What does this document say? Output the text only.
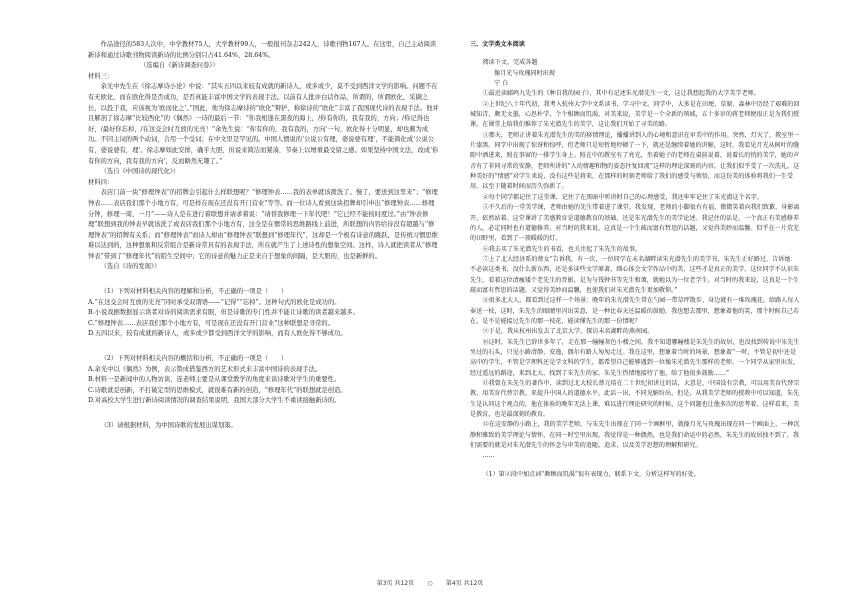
作品途径的583人次中，中学教材75人，大学教材99人，一般报刊杂志242人，诗歌刊物167人。在这里，自己主动阅读新诗和通过诗歌刊物阅读新诗的比例分别只占41.64%、28.64%。

（选编自《新诗调查问卷》）

材料三：

余光中先生在《徐志摩诗小论》中说：“其实五四以来较有成就的新诗人，或多或少，莫不受到西洋文学的影响。问题不在有无欧化，而在欧化得是否成功，是否真能丰富中国文学的表现手法。以前有人批评白话作品，所谓的，所谓欧化，采撷之长，以投于我，应该视为‘欧而化之’。”国此，他为徐志摩诗的“欧化”辩护，称徐诗的“欧化”丰富了我国现代诗的表现手法。他并且解剖了徐志摩“比较西化”的《偶然》一诗的最后一节：“你我相逢在黑夜的海上，/你有你的，我有我的，方向；/你记得也好，/最好你忘掉，/在这交会时互放的光亮！”余先生说：“你有你的，我有我的，方向’一句，欧化得十分明显，却也颇为成功。不同主词的两个动词，合用一个受词；在中文里是罕见的。中国人惯说的‘公说公有理，婆说婆有理’，不能简化成‘公说公有，婆说婆有，理’。徐志摩如此安排，确乎大胆，但说来简洁而紧凑，节奏上以增重最受留之感。如果坚持中国文法，改成‘你有你的方向，我有我的方向’，反而略然无趣了。”

（选自《中国诗的现代化》）

材料四：

表店门前一块“修理钟表”的招牌会引起什么样联想呢？“修理钟表……我的表单就该拨洗了。慢了，要送到这里来”；“修理钟表……表店我们那个小地方有，可是样在现在还没有开门营业”等等。而一位诗人看到这块招牌却引申出“修理钟表……修理分钟，修理一周，一月”——诗人是在进行着联想并请求着说：“请替我修理一下年代吧！”它已经不能按时度过。”由“钟表修理”联想到我的钟表早就该洗了或表店我们那个小地方有，这全是在惯常的思维路线上前进，所联想的内容给待没有超越与“修理钟表”的招牌有关系；而“修理钟表”而诗人却由“修理钟表”联想到“修理年代”，这却是一个极有诗意的跳跃，是传统习惯思维难以达到的，这种想象和反常组合是新诗常具有的表现手法，所在就产生了上述诗性的想象空间。这样，诗人就把读者从“修理钟表”带到了“修理年代”的陌生空间中；它的诗意的魅力正是来自于想象的间隔，是大胆的，也是新鲜的。

（选自《诗的发现》）

（1）下列对材料相关内容的理解和分析，不正确的一项是（　　）

A.“在这交会时互放的光亮”同时承受双谓语——“记得”“忘掉”。这种句式的欧化是成功的。

B.小说戏剧数据显示读者对诗的阅读需求有限，但是诗歌的专门性并不能让诗歌的读者越来越多。

C.“修理钟表……表店我们那个小地方有，可是现在还没有开门营业”这种联想是寻常的。

D.五四以来，较有成就的新诗人，或多或少都受到西洋文学的影响，而有人欧化得不够成功。

（2）下列对材料相关内容的概括和分析，不正确的一项是（　　）

A.余光中以《偶然》为例，表示赞成借鉴西方的艺术形式来丰富中国诗的表现手法。

B.材料一是新闻中的人物访谈，连老师主要是从课堂教学的角度来谈诗歌对学生的重要性。

C.诗歌就是创新，不打破定型的思维模式，就很难有新的创造，“修理年代”的联想就是创造。

D.对高校大学生进行新诗阅读情况的调查结果说明，我国大部分大学生不重读接触新诗的。

（3）请根据材料，为中国诗歌的发展出谋划策。

三、文学类文本阅读

阅读下文，完成各题

像月光与玫瑰同时出现

宁 白

①最近读邮鸣九先生的《种自我的园子》，其中有记述朱光潜先生一文，这让我想起我的大学美学老师。

②上世纪八十年代初，我考入杭州大学中文系读书，学习中文。同学中，大多是在田埂、草原、森林中历经了艰难的回城知青，颇无文墨，心思朴学，个个相顾而饥渴，对美来说，美学是一个全新的领域，五十多岁的蒋老师便很正是为我们授课，在课堂上给我们推荐了朱光潜先生的美学，这让我们开始了寻美的路。

③那天，老师正讲着朱光潜先生的美的移情理论，播播讲到人的心境和意识在审美中的作用。突然，灯灭了，教室里一片漆黑。同学中出现了惊讶和惊呼，但老师只是短暂地停顿了一下，就还是继续着她的讲解，这时，我看见月光从树叶的缝隙中洒进来，照在事窗的一排学生身上。照在中的教室有了亮光，坐着她子的老师在桌前说着，说着长的悄的美学，她的声音有了非同寻常的安静，老师所讲的“人的情趣和物的姿态往复回流”这样的理论深刻的内容，让我们似乎受了一次洗礼。这种美好的“情感”对学生来说，没有这些是将来，在那样的时刻老师给了我们的感受与领悟，而这份美的体验将我们一生受用，以至于随着时间而历久弥新了。

④每个同学都记住了这堂课，记住了在黑暗中听讲时自己的心理感受，我还牢牢记住了朱光潜这个名字。

⑤不久后的一堂美学课，老师由她的先生带着进了课堂。我发现，老师的小脚很有有福，微微笑着向我们致歉，身影离开，依然站着。这堂课讲了美感教育是道德教育的基础，还是朱光潜先生的美学论述。我记住的话是，一个真正有美感修养的人，必定同时也有道德修养。对当时的我来说，这真是一个生疏而富有哲思的话题，又觉得美妙而温馨。似乎在一片荒芜的田野里，看到了一簇暖暖的灯。

⑥我去买了朱光潜先生的书看，也关注起了朱先生的故事。

⑦上了北大经济系的蔡女“告诉我，有一次，一位同学在未名湖畔读朱光潜先生的美学书，朱先生正好路过，告诉她：不必读这类书，没什么新东西，还是多读些文学原著，细心体会文学作品中的美，这些才是真正的美学。这位同学不认识朱先生，看着这位清瘦矮个老先生的背影，是为与钱钟书等先生和蔼，就她以为一位老学生。对当时的我来说，这真是一个生疏而富有哲思的话题，又觉得美妙而温馨，也使我们对朱光潜先生更加敬仰。”

⑧很多北大人，都看到过这样一个场景：晚年的朱光潜先生常在勺园一带草坪散步，身边就有一堆玫瑰花，给路人每人奉送一枝，这时，朱先生的眼睛里闪出笑意，是一种比春天还温暖的鼓励。我也想去那里，想象着他的笑，那个时候自己若在，是不是能接过先生的那一枝花，能读懂先生的那一份情呢？

⑨于是，我从杭州出发去了北京大学，探访未名湖畔的燕南园。

⑩这时，朱先生已辞世多年了，走在那一幢幢灰色小楼之间，我不知道哪幢楼是朱先生的故居，也没找到传说中朱先生坐过的石头，只见小路清静，安逸，偶尔有路人匆匆走过。我在这里，想象着当时的场景，想象着“一时，不管是初中还是高中的学生，不管是学理科还是学文科的学生，都希望自己能够遇到一位像朱光潜先生那样的老师，一个同学从家里出发，经过遥远的路途，来到北大，找到了朱先生的家，朱先生热情地接待了他，给了他很多鼓励……”

⑪我曾在朱先生的著作中，读到过北大校长蔡元培在二十世纪初讲过的话，大意是，中国没有宗教，可以用美育代替宗教，用美育代替宗教，来提升中国人的道德水平，此话一出，不同见解纷出，但是，从我美学老师的授教中可以知道，朱先生是认同这个观点的，他在体验的晚年无法上课，难以进行理论研究的时候，这个问题也让他多次的思考着，这样看来，美是教育，也是最深刻的教育。

⑫在这安静的小路上，我的美学老师，与朱先生出现在了同一个画框里，就像月光与玫瑰出现在同一个画面上，一种沉静和雅致的美学理论与情怀，在同一时空里出现。我觉得是一种偶然，也是我们命运中的必然，朱先生的故居找不到了，我们需要的就是对朱光潜先生的怀念与审美的追随、追求，以及美学思想的理解和研究。

……

（1）第②段中加点词“颇顾而饥渴”很有表现力，联系下文，分析这样写的好处。

第3页 共12页 ○ 第4页 共12页
